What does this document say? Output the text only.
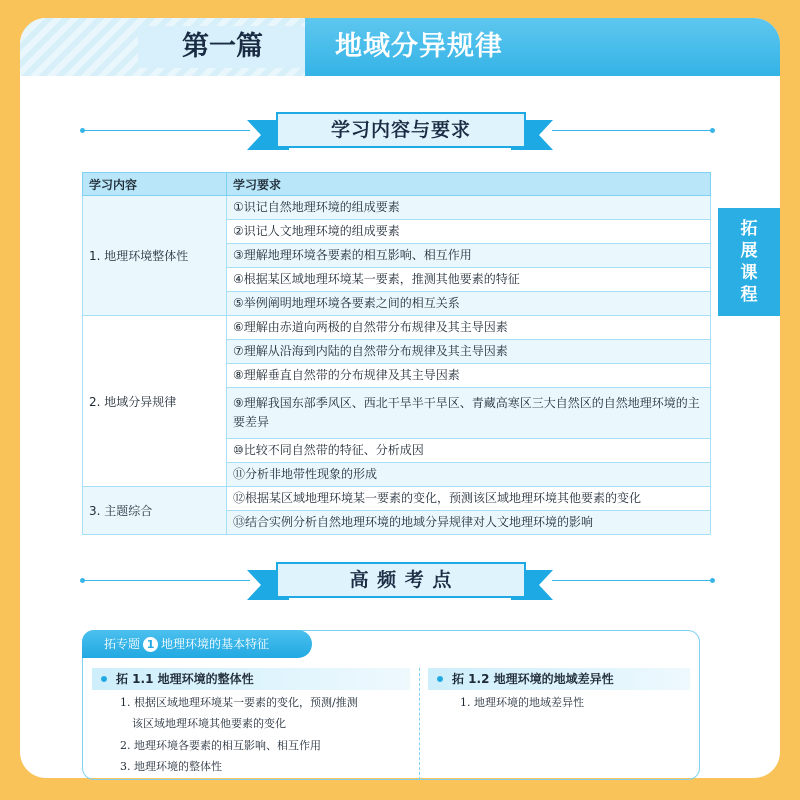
第一篇	地域分异规律
拓
展
课
程
学习内容与要求
学习内容	学习要求
1. 地理环境整体性	①识记自然地理环境的组成要素
	②识记人文地理环境的组成要素
	③理解地理环境各要素的相互影响、相互作用
	④根据某区域地理环境某一要素，推测其他要素的特征
	⑤举例阐明地理环境各要素之间的相互关系
2. 地域分异规律	⑥理解由赤道向两极的自然带分布规律及其主导因素
	⑦理解从沿海到内陆的自然带分布规律及其主导因素
	⑧理解垂直自然带的分布规律及其主导因素
	⑨理解我国东部季风区、西北干旱半干旱区、青藏高寒区三大自然区的自然地理环境的主要差异
	⑩比较不同自然带的特征、分析成因
	⑪分析非地带性现象的形成
3. 主题综合	⑫根据某区域地理环境某一要素的变化，预测该区域地理环境其他要素的变化
	⑬结合实例分析自然地理环境的地域分异规律对人文地理环境的影响
高 频 考 点
拓专题 1 地理环境的基本特征
拓 1.1 地理环境的整体性	拓 1.2 地理环境的地域差异性
1. 根据区域地理环境某一要素的变化，预测/推测
该区域地理环境其他要素的变化
2. 地理环境各要素的相互影响、相互作用
3. 地理环境的整体性
1. 地理环境的地域差异性
